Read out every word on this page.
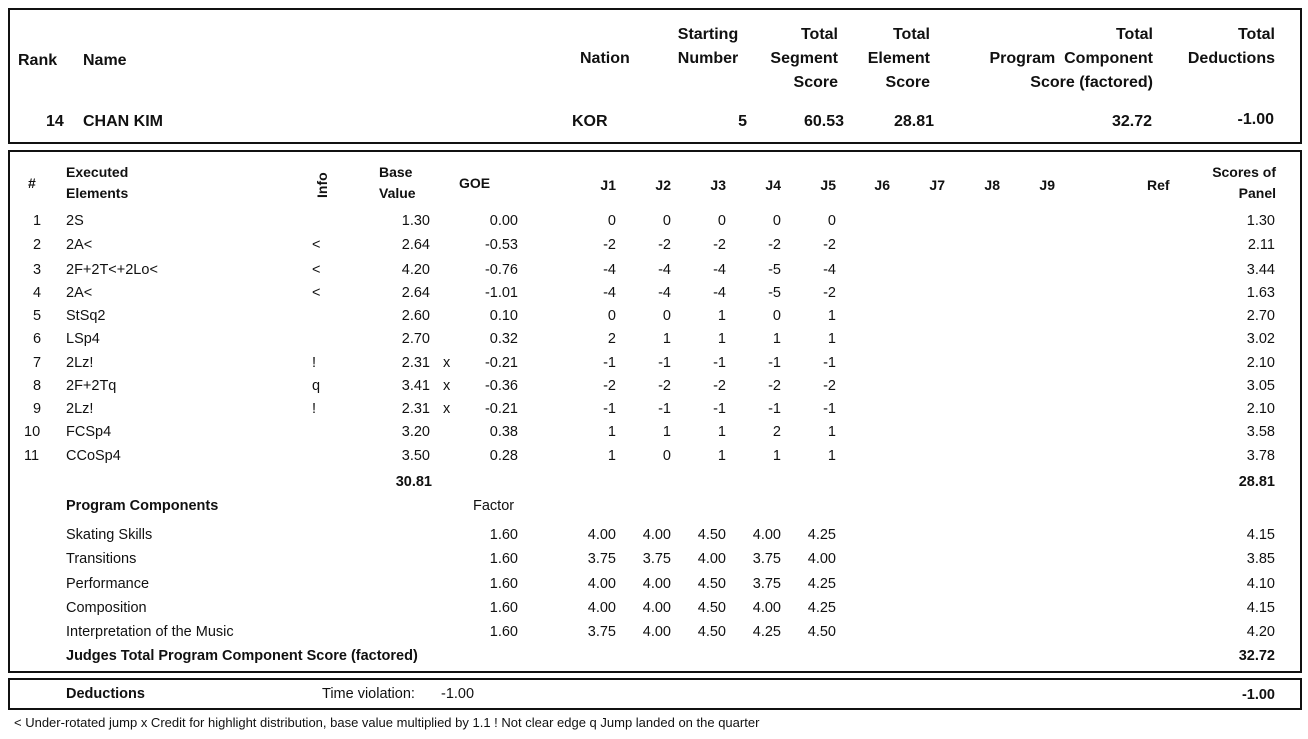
Rank Name	Nation
Starting
Number
Total
Segment
Score
Total
Element
Score
Total
Program  Component
Score (factored)
Total
Deductions
14 CHAN KIM	KOR	5	60.53	28.81	32.72	-1.00
#
Executed
Elements	Info
Base
Value
GOE	J1	J2	J3	J4	J5	J6	J7	J8	J9	Ref
Scores of
Panel
1 2S	1.30	0.00	0	0	0	0	0	1.30
2 2A<	<	2.64	-0.53	-2	-2	-2	-2	-2	2.11
3 2F+2T<+2Lo<	<	4.20	-0.76	-4	-4	-4	-5	-4	3.44
4 2A<	<	2.64	-1.01	-4	-4	-4	-5	-2	1.63
5 StSq2	2.60	0.10	0	0	1	0	1	2.70
6 LSp4	2.70	0.32	2	1	1	1	1	3.02
7 2Lz!	!	2.31 x	-0.21	-1	-1	-1	-1	-1	2.10
8 2F+2Tq	q	3.41 x	-0.36	-2	-2	-2	-2	-2	3.05
9 2Lz!	!	2.31 x	-0.21	-1	-1	-1	-1	-1	2.10
10 FCSp4	3.20	0.38	1	1	1	2	1	3.58
11 CCoSp4	3.50	0.28	1	0	1	1	1	3.78
30.81	28.81
Program Components	Factor
Skating Skills	1.60	4.00	4.00	4.50	4.00	4.25	4.15
Transitions	1.60	3.75	3.75	4.00	3.75	4.00	3.85
Performance	1.60	4.00	4.00	4.50	3.75	4.25	4.10
Composition	1.60	4.00	4.00	4.50	4.00	4.25	4.15
Interpretation of the Music	1.60	3.75	4.00	4.50	4.25	4.50	4.20
Judges Total Program Component Score (factored)	32.72
Deductions	Time violation: -1.00	-1.00
< Under-rotated jump x Credit for highlight distribution, base value multiplied by 1.1 ! Not clear edge q Jump landed on the quarter
